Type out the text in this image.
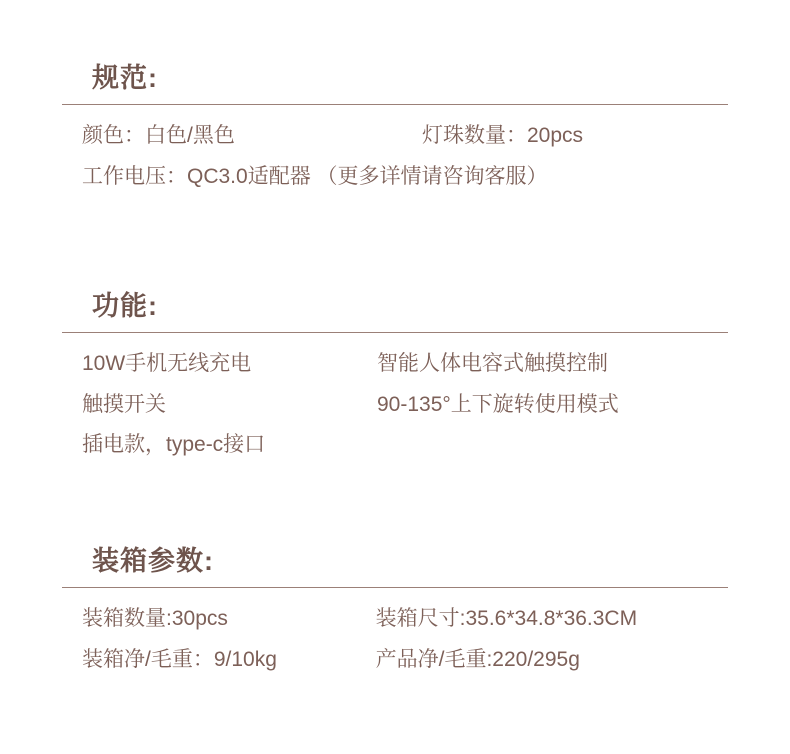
规范:
颜色：白色/黑色	灯珠数量：20pcs
工作电压：QC3.0适配器 （更多详情请咨询客服）
功能:
10W手机无线充电	智能人体电容式触摸控制
触摸开关	90-135°上下旋转使用模式
插电款，type-c接口
装箱参数:
装箱数量:30pcs	装箱尺寸:35.6*34.8*36.3CM
装箱净/毛重：9/10kg	产品净/毛重:220/295g
